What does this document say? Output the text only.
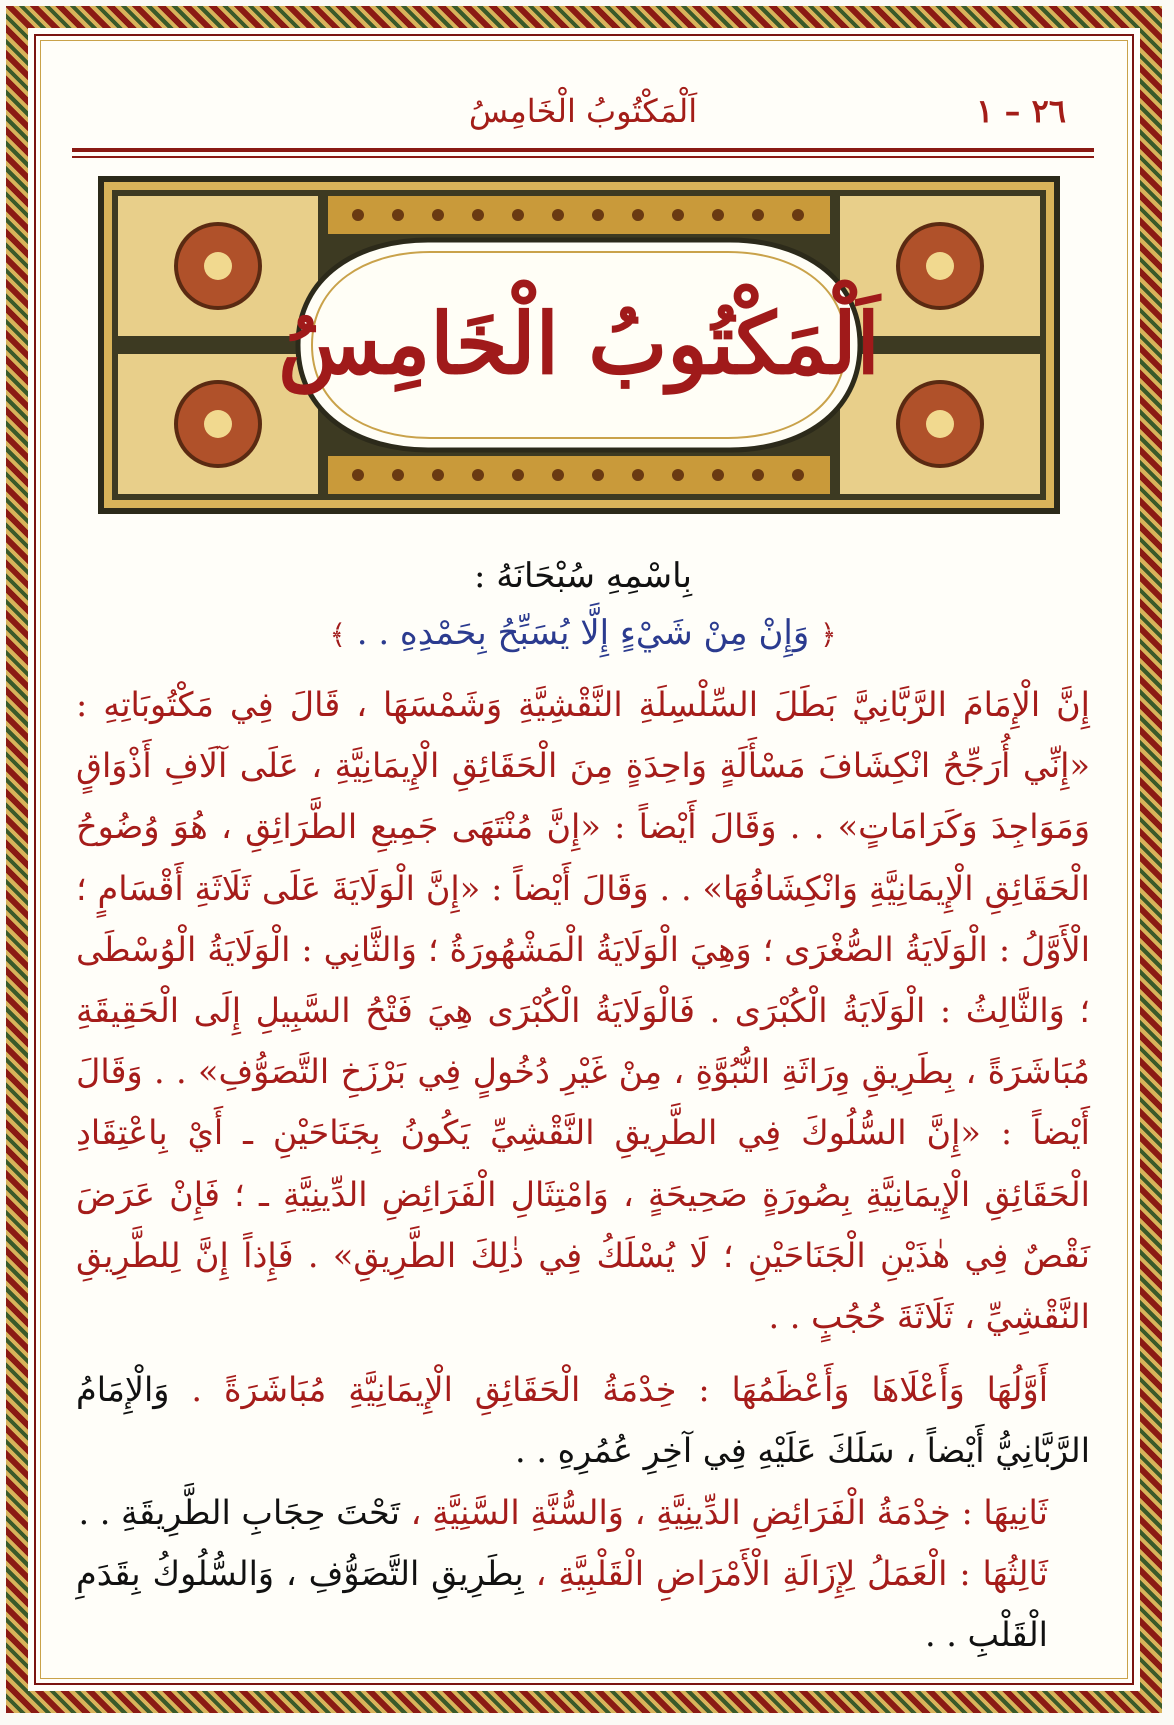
اَلْمَكْتُوبُ الْخَامِسُ	٢٦ – ١
اَلْمَكْتُوبُ الْخَامِسُ

بِاسْمِهِ سُبْحَانَهُ :

﴿ وَإِنْ مِنْ شَيْءٍ إِلَّا يُسَبِّحُ بِحَمْدِهِ . . ﴾

إِنَّ الْإِمَامَ الرَّبَّانِيَّ بَطَلَ السِّلْسِلَةِ النَّقْشِيَّةِ وَشَمْسَهَا ، قَالَ فِي مَكْتُوبَاتِهِ : «إِنِّي أُرَجِّحُ انْكِشَافَ مَسْأَلَةٍ وَاحِدَةٍ مِنَ الْحَقَائِقِ الْإِيمَانِيَّةِ ، عَلَى آلَافِ أَذْوَاقٍ وَمَوَاجِدَ وَكَرَامَاتٍ» . . وَقَالَ أَيْضاً : «إِنَّ مُنْتَهَى جَمِيعِ الطَّرَائِقِ ، هُوَ وُضُوحُ الْحَقَائِقِ الْإِيمَانِيَّةِ وَانْكِشَافُهَا» . . وَقَالَ أَيْضاً : «إِنَّ الْوَلَايَةَ عَلَى ثَلَاثَةِ أَقْسَامٍ ؛ الْأَوَّلُ : الْوَلَايَةُ الصُّغْرَى ؛ وَهِيَ الْوَلَايَةُ الْمَشْهُورَةُ ؛ وَالثَّانِي : الْوَلَايَةُ الْوُسْطَى ؛ وَالثَّالِثُ : الْوَلَايَةُ الْكُبْرَى . فَالْوَلَايَةُ الْكُبْرَى هِيَ فَتْحُ السَّبِيلِ إِلَى الْحَقِيقَةِ مُبَاشَرَةً ، بِطَرِيقِ وِرَاثَةِ النُّبُوَّةِ ، مِنْ غَيْرِ دُخُولٍ فِي بَرْزَخِ التَّصَوُّفِ» . . وَقَالَ أَيْضاً : «إِنَّ السُّلُوكَ فِي الطَّرِيقِ النَّقْشِيِّ يَكُونُ بِجَنَاحَيْنِ ـ أَيْ بِاعْتِقَادِ الْحَقَائِقِ الْإِيمَانِيَّةِ بِصُورَةٍ صَحِيحَةٍ ، وَامْتِثَالِ الْفَرَائِضِ الدِّينِيَّةِ ـ ؛ فَإِنْ عَرَضَ نَقْصٌ فِي هٰذَيْنِ الْجَنَاحَيْنِ ؛ لَا يُسْلَكُ فِي ذٰلِكَ الطَّرِيقِ» . فَإِذاً إِنَّ لِلطَّرِيقِ النَّقْشِيِّ ، ثَلَاثَةَ حُجُبٍ . .

أَوَّلُهَا وَأَعْلَاهَا وَأَعْظَمُهَا : خِدْمَةُ الْحَقَائِقِ الْإِيمَانِيَّةِ مُبَاشَرَةً . وَالْإِمَامُ الرَّبَّانِيُّ أَيْضاً ، سَلَكَ عَلَيْهِ فِي آخِرِ عُمُرِهِ . .

ثَانِيهَا : خِدْمَةُ الْفَرَائِضِ الدِّينِيَّةِ ، وَالسُّنَّةِ السَّنِيَّةِ ، تَحْتَ حِجَابِ الطَّرِيقَةِ . .

ثَالِثُهَا : الْعَمَلُ لِإِزَالَةِ الْأَمْرَاضِ الْقَلْبِيَّةِ ، بِطَرِيقِ التَّصَوُّفِ ، وَالسُّلُوكُ بِقَدَمِ الْقَلْبِ . .
